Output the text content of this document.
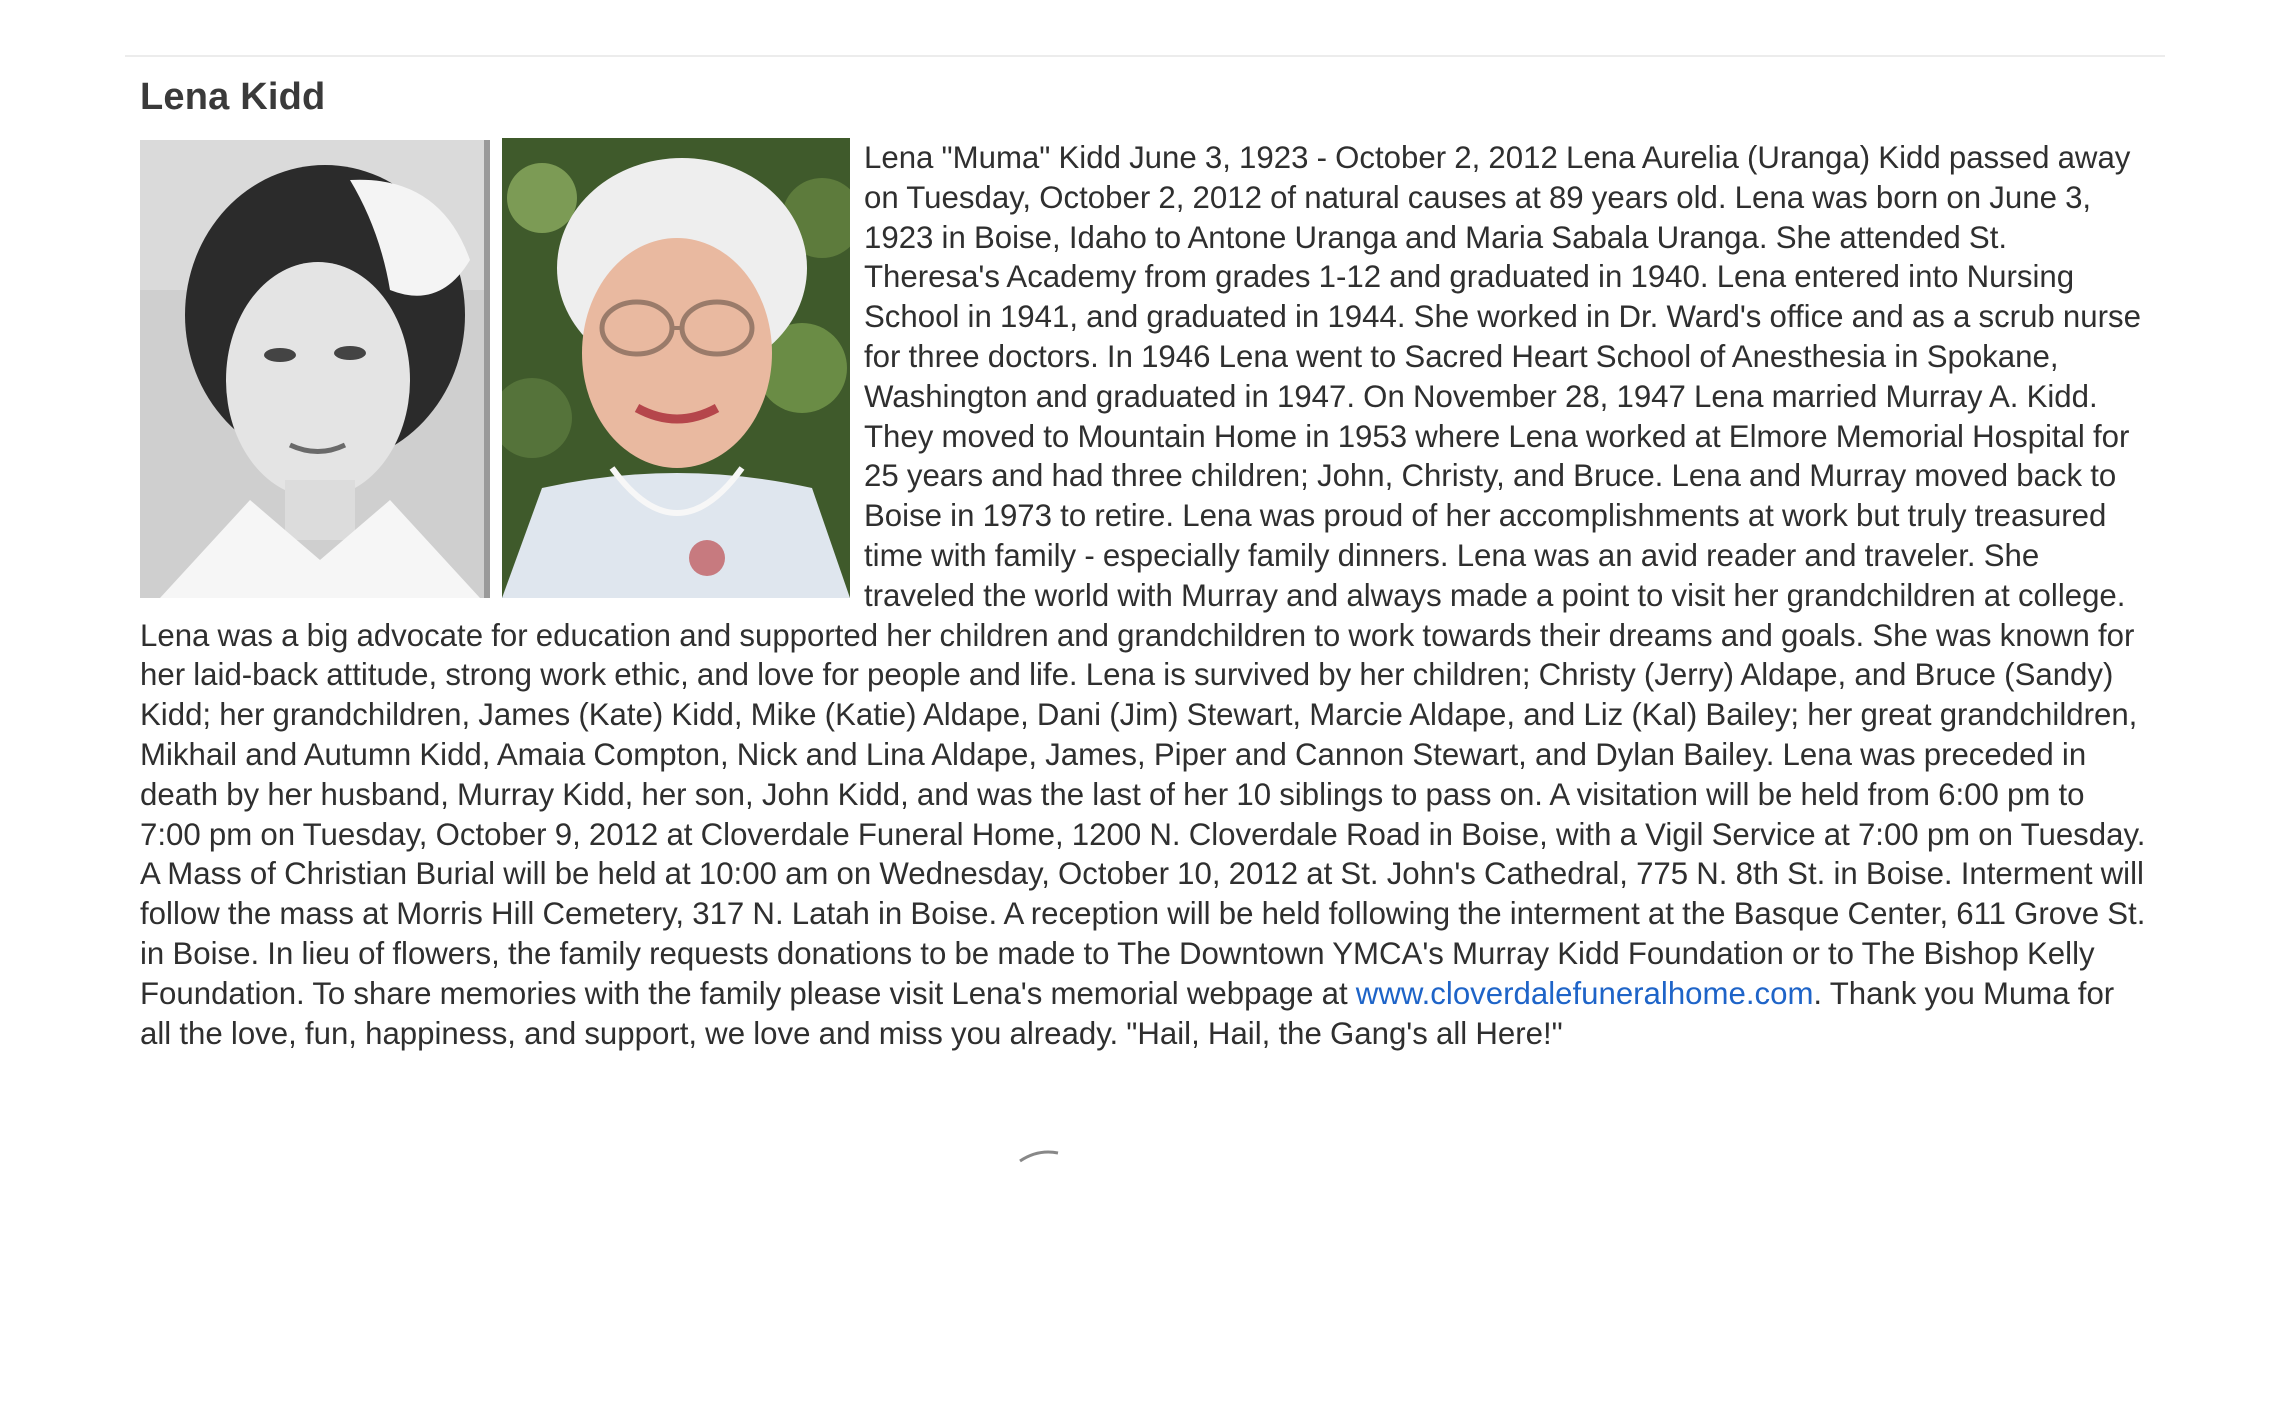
Lena Kidd
Lena "Muma" Kidd June 3, 1923 - October 2, 2012 Lena Aurelia (Uranga) Kidd passed away on Tuesday, October 2, 2012 of natural causes at 89 years old. Lena was born on June 3, 1923 in Boise, Idaho to Antone Uranga and Maria Sabala Uranga. She attended St. Theresa's Academy from grades 1-12 and graduated in 1940. Lena entered into Nursing School in 1941, and graduated in 1944. She worked in Dr. Ward's office and as a scrub nurse for three doctors. In 1946 Lena went to Sacred Heart School of Anesthesia in Spokane, Washington and graduated in 1947. On November 28, 1947 Lena married Murray A. Kidd. They moved to Mountain Home in 1953 where Lena worked at Elmore Memorial Hospital for 25 years and had three children; John, Christy, and Bruce. Lena and Murray moved back to Boise in 1973 to retire. Lena was proud of her accomplishments at work but truly treasured time with family - especially family dinners. Lena was an avid reader and traveler. She traveled the world with Murray and always made a point to visit her grandchildren at college. Lena was a big advocate for education and supported her children and grandchildren to work towards their dreams and goals. She was known for her laid-back attitude, strong work ethic, and love for people and life. Lena is survived by her children; Christy (Jerry) Aldape, and Bruce (Sandy) Kidd; her grandchildren, James (Kate) Kidd, Mike (Katie) Aldape, Dani (Jim) Stewart, Marcie Aldape, and Liz (Kal) Bailey; her great grandchildren, Mikhail and Autumn Kidd, Amaia Compton, Nick and Lina Aldape, James, Piper and Cannon Stewart, and Dylan Bailey. Lena was preceded in death by her husband, Murray Kidd, her son, John Kidd, and was the last of her 10 siblings to pass on. A visitation will be held from 6:00 pm to 7:00 pm on Tuesday, October 9, 2012 at Cloverdale Funeral Home, 1200 N. Cloverdale Road in Boise, with a Vigil Service at 7:00 pm on Tuesday. A Mass of Christian Burial will be held at 10:00 am on Wednesday, October 10, 2012 at St. John's Cathedral, 775 N. 8th St. in Boise. Interment will follow the mass at Morris Hill Cemetery, 317 N. Latah in Boise. A reception will be held following the interment at the Basque Center, 611 Grove St. in Boise. In lieu of flowers, the family requests donations to be made to The Downtown YMCA's Murray Kidd Foundation or to The Bishop Kelly Foundation. To share memories with the family please visit Lena's memorial webpage at www.cloverdalefuneralhome.com. Thank you Muma for all the love, fun, happiness, and support, we love and miss you already. "Hail, Hail, the Gang's all Here!"
